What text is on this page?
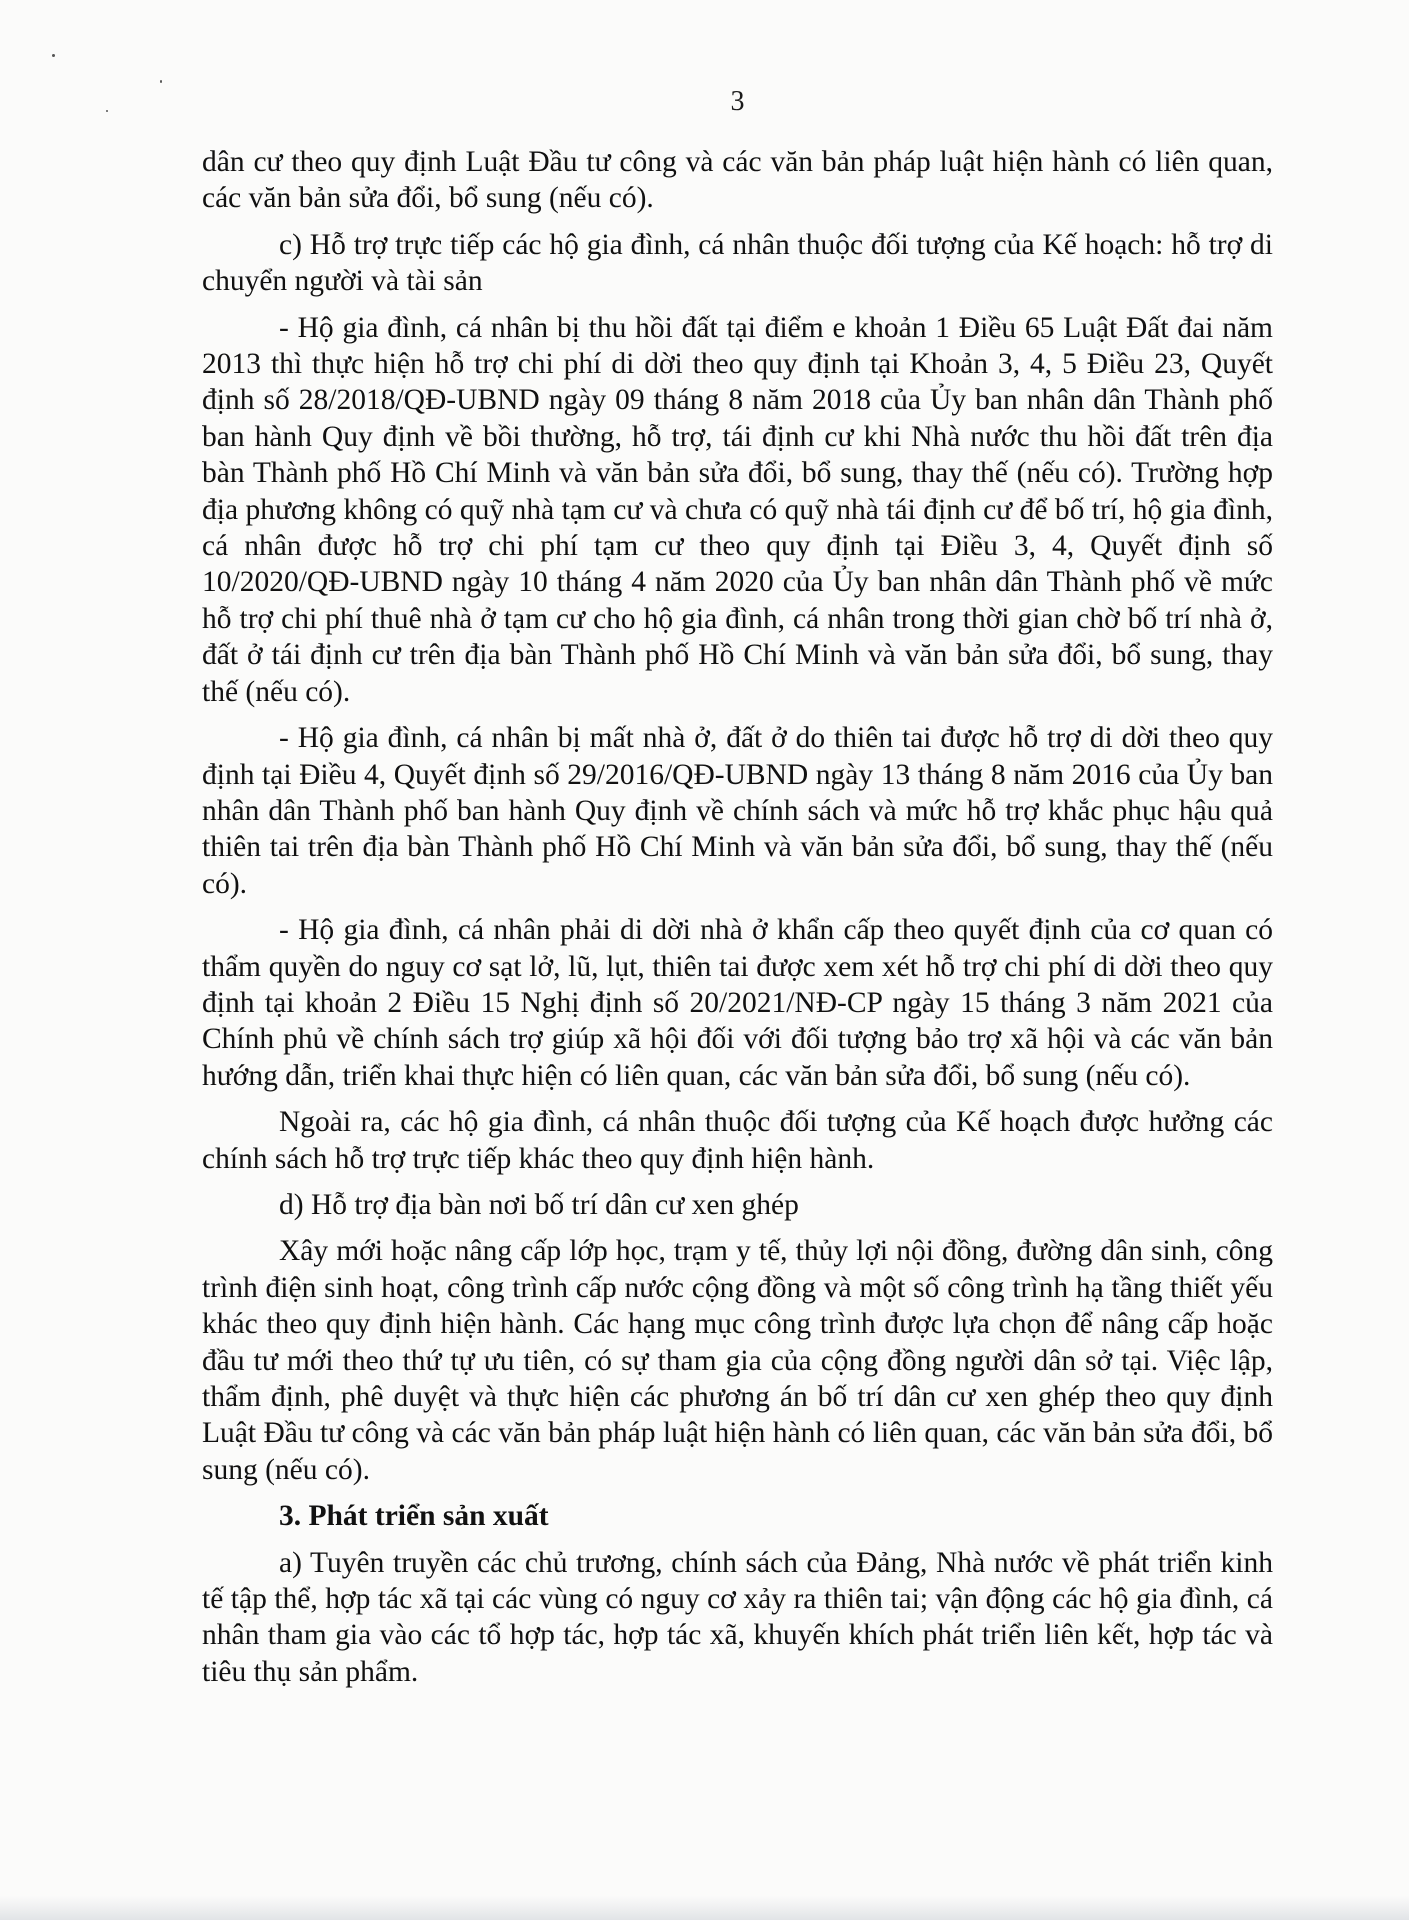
3

dân cư theo quy định Luật Đầu tư công và các văn bản pháp luật hiện hành có liên quan, các văn bản sửa đổi, bổ sung (nếu có).

c) Hỗ trợ trực tiếp các hộ gia đình, cá nhân thuộc đối tượng của Kế hoạch: hỗ trợ di chuyển người và tài sản

- Hộ gia đình, cá nhân bị thu hồi đất tại điểm e khoản 1 Điều 65 Luật Đất đai năm 2013 thì thực hiện hỗ trợ chi phí di dời theo quy định tại Khoản 3, 4, 5 Điều 23, Quyết định số 28/2018/QĐ-UBND ngày 09 tháng 8 năm 2018 của Ủy ban nhân dân Thành phố ban hành Quy định về bồi thường, hỗ trợ, tái định cư khi Nhà nước thu hồi đất trên địa bàn Thành phố Hồ Chí Minh và văn bản sửa đổi, bổ sung, thay thế (nếu có). Trường hợp địa phương không có quỹ nhà tạm cư và chưa có quỹ nhà tái định cư để bố trí, hộ gia đình, cá nhân được hỗ trợ chi phí tạm cư theo quy định tại Điều 3, 4, Quyết định số 10/2020/QĐ-UBND ngày 10 tháng 4 năm 2020 của Ủy ban nhân dân Thành phố về mức hỗ trợ chi phí thuê nhà ở tạm cư cho hộ gia đình, cá nhân trong thời gian chờ bố trí nhà ở, đất ở tái định cư trên địa bàn Thành phố Hồ Chí Minh và văn bản sửa đổi, bổ sung, thay thế (nếu có).

- Hộ gia đình, cá nhân bị mất nhà ở, đất ở do thiên tai được hỗ trợ di dời theo quy định tại Điều 4, Quyết định số 29/2016/QĐ-UBND ngày 13 tháng 8 năm 2016 của Ủy ban nhân dân Thành phố ban hành Quy định về chính sách và mức hỗ trợ khắc phục hậu quả thiên tai trên địa bàn Thành phố Hồ Chí Minh và văn bản sửa đổi, bổ sung, thay thế (nếu có).

- Hộ gia đình, cá nhân phải di dời nhà ở khẩn cấp theo quyết định của cơ quan có thẩm quyền do nguy cơ sạt lở, lũ, lụt, thiên tai được xem xét hỗ trợ chi phí di dời theo quy định tại khoản 2 Điều 15 Nghị định số 20/2021/NĐ-CP ngày 15 tháng 3 năm 2021 của Chính phủ về chính sách trợ giúp xã hội đối với đối tượng bảo trợ xã hội và các văn bản hướng dẫn, triển khai thực hiện có liên quan, các văn bản sửa đổi, bổ sung (nếu có).

Ngoài ra, các hộ gia đình, cá nhân thuộc đối tượng của Kế hoạch được hưởng các chính sách hỗ trợ trực tiếp khác theo quy định hiện hành.

d) Hỗ trợ địa bàn nơi bố trí dân cư xen ghép

Xây mới hoặc nâng cấp lớp học, trạm y tế, thủy lợi nội đồng, đường dân sinh, công trình điện sinh hoạt, công trình cấp nước cộng đồng và một số công trình hạ tầng thiết yếu khác theo quy định hiện hành. Các hạng mục công trình được lựa chọn để nâng cấp hoặc đầu tư mới theo thứ tự ưu tiên, có sự tham gia của cộng đồng người dân sở tại. Việc lập, thẩm định, phê duyệt và thực hiện các phương án bố trí dân cư xen ghép theo quy định Luật Đầu tư công và các văn bản pháp luật hiện hành có liên quan, các văn bản sửa đổi, bổ sung (nếu có).

3. Phát triển sản xuất

a) Tuyên truyền các chủ trương, chính sách của Đảng, Nhà nước về phát triển kinh tế tập thể, hợp tác xã tại các vùng có nguy cơ xảy ra thiên tai; vận động các hộ gia đình, cá nhân tham gia vào các tổ hợp tác, hợp tác xã, khuyến khích phát triển liên kết, hợp tác và tiêu thụ sản phẩm.
